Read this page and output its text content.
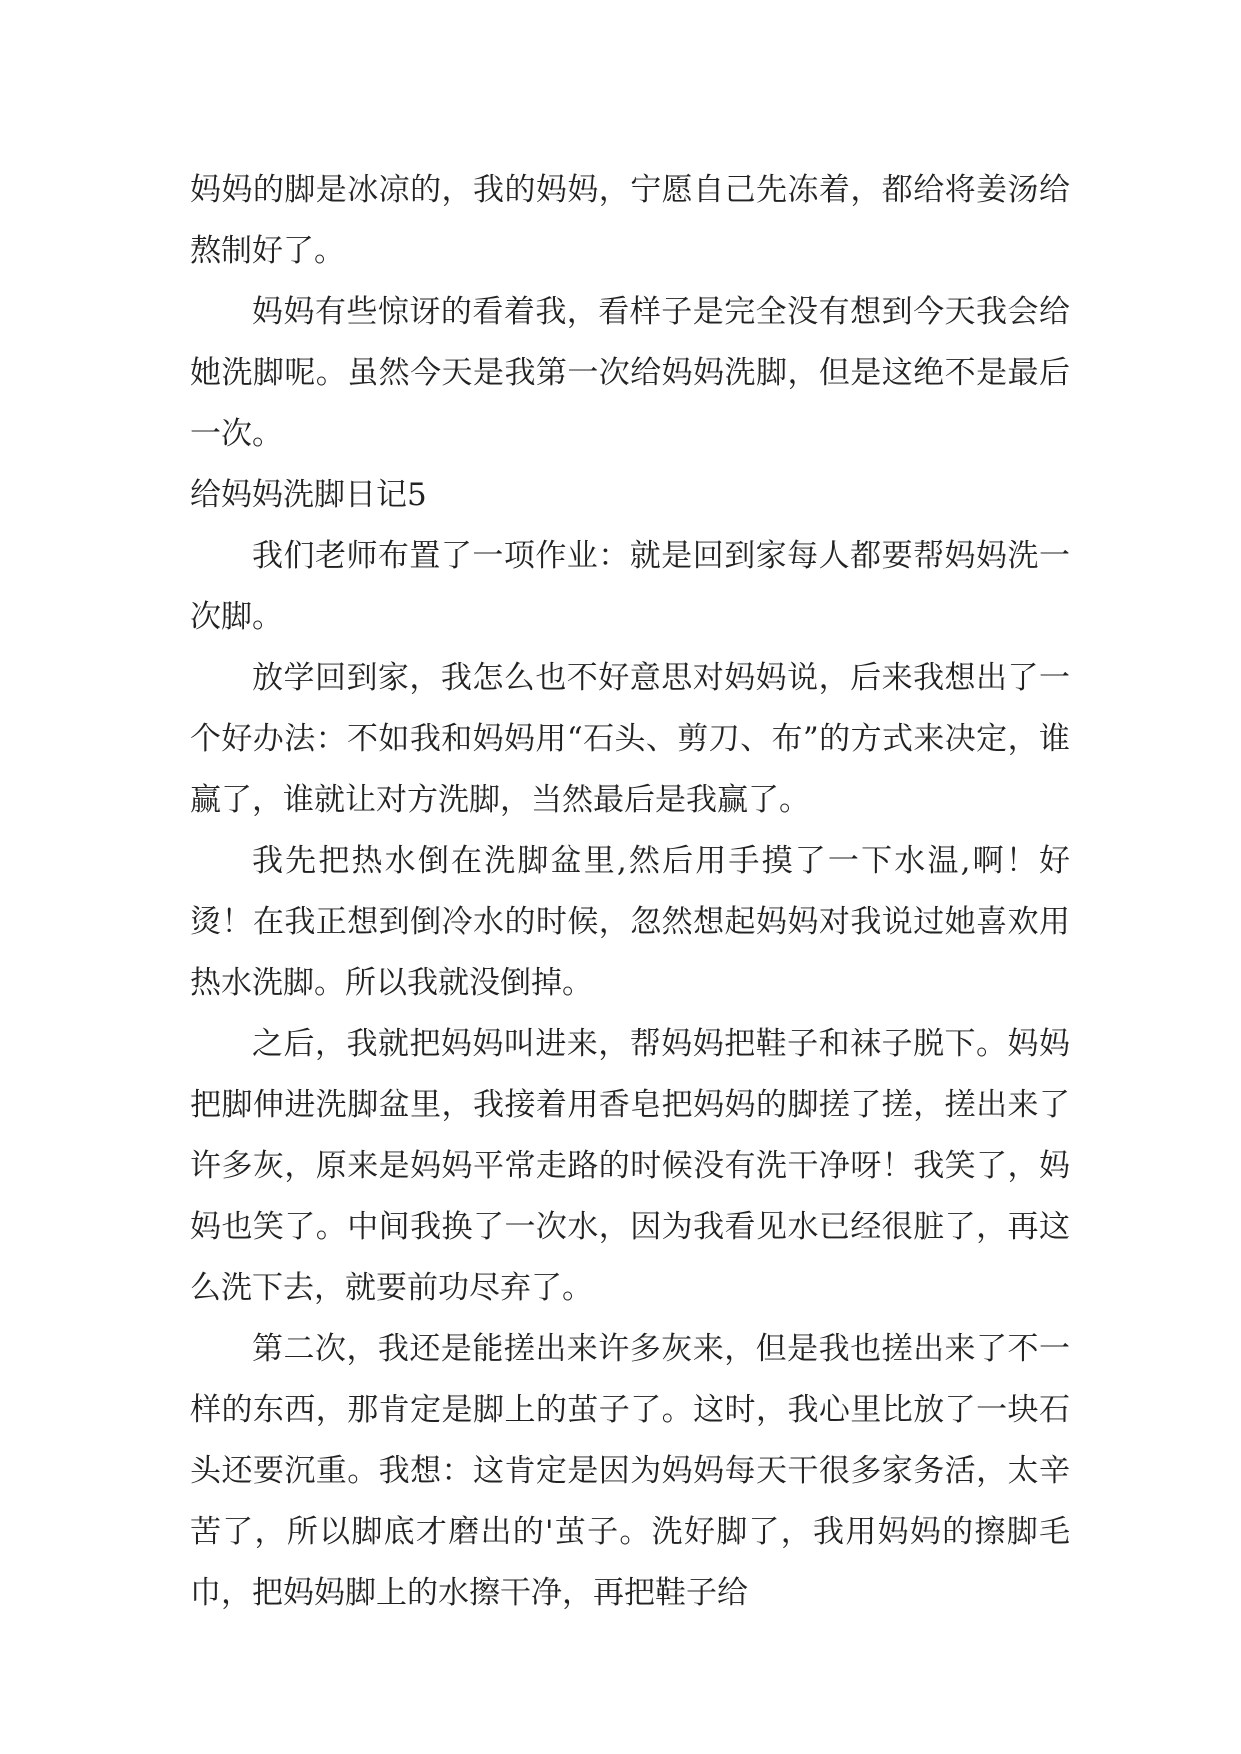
妈妈的脚是冰凉的，我的妈妈，宁愿自己先冻着，都给将姜汤给熬制好了。

妈妈有些惊讶的看着我，看样子是完全没有想到今天我会给她洗脚呢。虽然今天是我第一次给妈妈洗脚，但是这绝不是最后一次。

给妈妈洗脚日记5

我们老师布置了一项作业：就是回到家每人都要帮妈妈洗一次脚。

放学回到家，我怎么也不好意思对妈妈说，后来我想出了一个好办法：不如我和妈妈用“石头、剪刀、布”的方式来决定，谁赢了，谁就让对方洗脚，当然最后是我赢了。

我先把热水倒在洗脚盆里,然后用手摸了一下水温,啊！好烫！在我正想到倒冷水的时候，忽然想起妈妈对我说过她喜欢用热水洗脚。所以我就没倒掉。

之后，我就把妈妈叫进来，帮妈妈把鞋子和袜子脱下。妈妈把脚伸进洗脚盆里，我接着用香皂把妈妈的脚搓了搓，搓出来了许多灰，原来是妈妈平常走路的时候没有洗干净呀！我笑了，妈妈也笑了。中间我换了一次水，因为我看见水已经很脏了，再这么洗下去，就要前功尽弃了。

第二次，我还是能搓出来许多灰来，但是我也搓出来了不一样的东西，那肯定是脚上的茧子了。这时，我心里比放了一块石头还要沉重。我想：这肯定是因为妈妈每天干很多家务活，太辛苦了，所以脚底才磨出的'茧子。洗好脚了，我用妈妈的擦脚毛巾，把妈妈脚上的水擦干净，再把鞋子给
